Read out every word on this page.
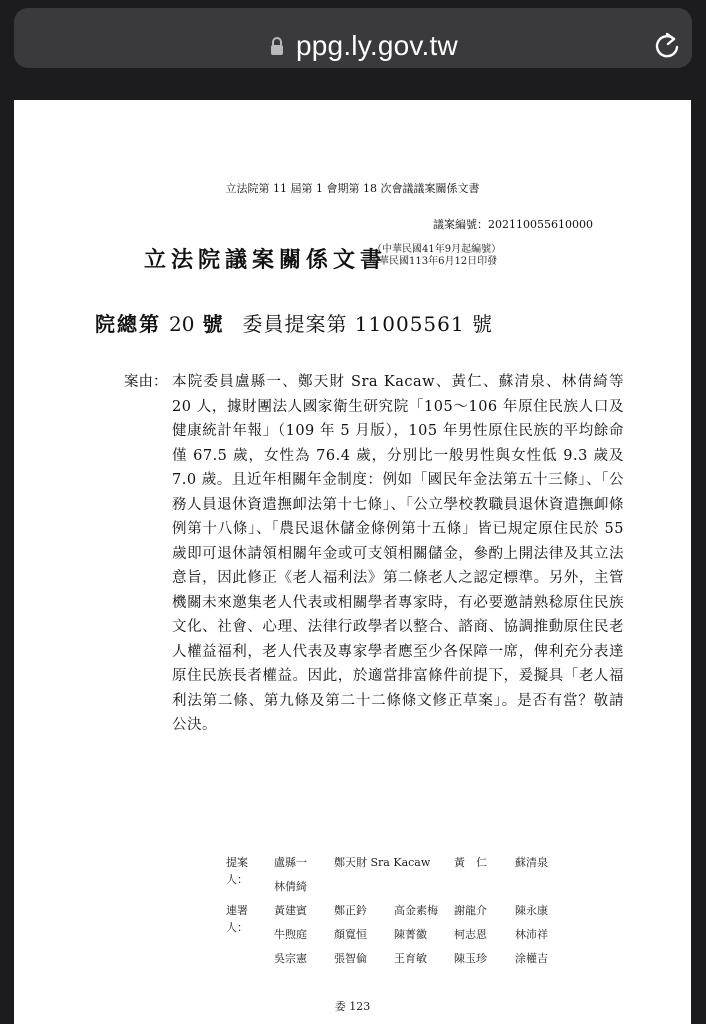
ppg.ly.gov.tw
立法院第 11 屆第 1 會期第 18 次會議議案關係文書
議案編號：202110055610000
立法院議案關係文書
（中華民國41年9月起編號）
中華民國113年6月12日印發
院總第 20 號 委員提案第 11005561 號
案由： 本院委員盧縣一、鄭天財 Sra Kacaw、黃仁、蘇清泉、林倩綺等 20 人，據財團法人國家衛生研究院「105～106 年原住民族人口及健康統計年報」（109 年 5 月版），105 年男性原住民族的平均餘命僅 67.5 歲，女性為 76.4 歲，分別比一般男性與女性低 9.3 歲及 7.0 歲。且近年相關年金制度：例如「國民年金法第五十三條」、「公務人員退休資遣撫卹法第十七條」、「公立學校教職員退休資遣撫卹條例第十八條」、「農民退休儲金條例第十五條」皆已規定原住民於 55 歲即可退休請領相關年金或可支領相關儲金，參酌上開法律及其立法意旨，因此修正《老人福利法》第二條老人之認定標準。另外，主管機關未來邀集老人代表或相關學者專家時，有必要邀請熟稔原住民族文化、社會、心理、法律行政學者以整合、諮商、協調推動原住民老人權益福利，老人代表及專家學者應至少各保障一席，俾利充分表達原住民族長者權益。因此，於適當排富條件前提下，爰擬具「老人福利法第二條、第九條及第二十二條條文修正草案」。是否有當？敬請公決。
提案人：
盧縣一 鄭天財 Sra Kacaw 黃　仁	蘇清泉
林倩綺
連署人：
黃建賓 鄭正鈐 高金素梅 謝龍介	陳永康
牛煦庭 顏寬恒 陳菁徽 柯志恩	林沛祥
吳宗憲 張智倫 王育敏 陳玉珍	涂權吉
委 123
